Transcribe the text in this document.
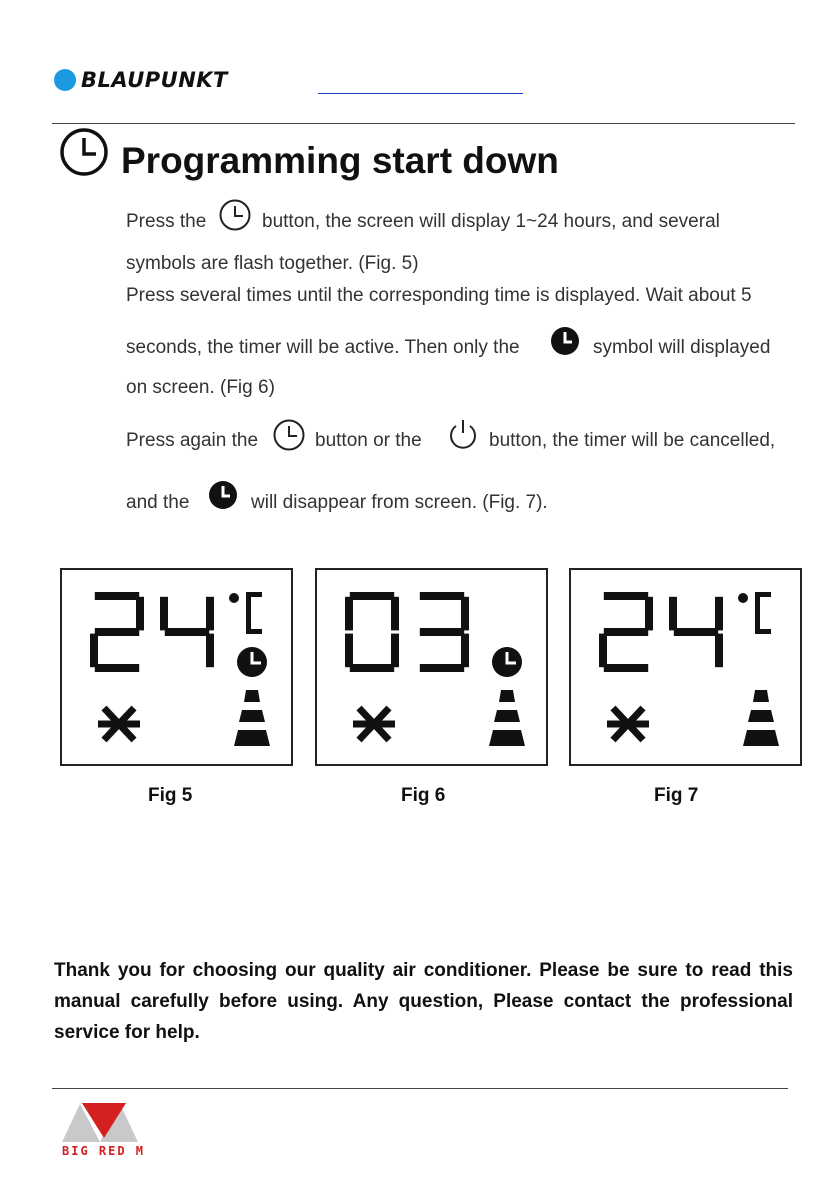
BLAUPUNKT
Programming start down
Press the	button, the screen will display 1~24 hours, and several
symbols are flash together. (Fig. 5)
Press several times until the corresponding time is displayed. Wait about 5
seconds, the timer will be active. Then only the	symbol will displayed
on screen. (Fig 6)
Press again the	button or the	button, the timer will be cancelled,
and the	will disappear from screen. (Fig. 7).
Fig 5	Fig 6	Fig 7
Thank you for choosing our quality air conditioner. Please be sure to read this manual carefully before using. Any question, Please contact the professional service for help.
BIG RED M
